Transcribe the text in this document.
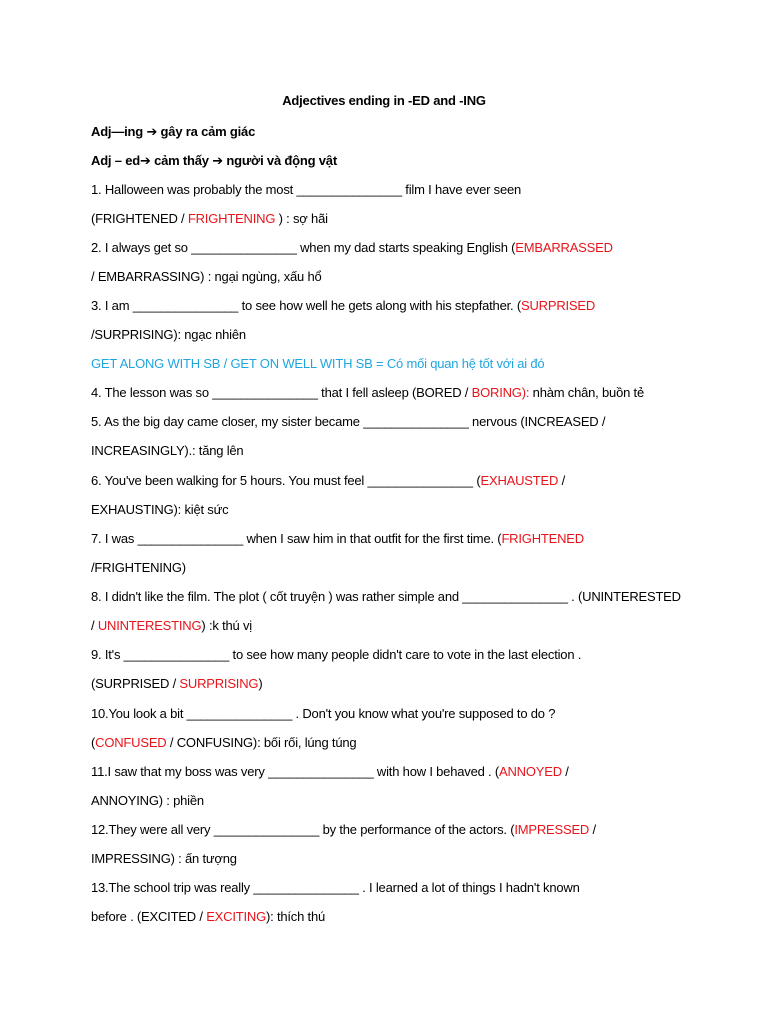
Adjectives ending in -ED and -ING
Adj—ing ➔ gây ra cảm giác
Adj – ed➔ cảm thấy ➔ người và động vật
1. Halloween was probably the most _______________ film I have ever seen
(FRIGHTENED / FRIGHTENING ) : sợ hãi
2. I always get so _______________ when my dad starts speaking English (EMBARRASSED
/ EMBARRASSING) : ngại ngùng, xấu hổ
3. I am _______________ to see how well he gets along with his stepfather. (SURPRISED
/SURPRISING): ngạc nhiên
GET ALONG WITH SB / GET ON WELL WITH SB = Có mối quan hệ tốt với ai đó
4. The lesson was so _______________ that I fell asleep (BORED / BORING): nhàm chân, buồn tẻ
5. As the big day came closer, my sister became _______________ nervous (INCREASED /
INCREASINGLY).: tăng lên
6. You've been walking for 5 hours. You must feel _______________ (EXHAUSTED /
EXHAUSTING): kiệt sức
7. I was _______________ when I saw him in that outfit for the first time. (FRIGHTENED
/FRIGHTENING)
8. I didn't like the film. The plot ( cốt truyện ) was rather simple and _______________ . (UNINTERESTED
/ UNINTERESTING) :k thú vị
9. It's _______________ to see how many people didn't care to vote in the last election .
(SURPRISED / SURPRISING)
10.You look a bit _______________ . Don't you know what you're supposed to do ?
(CONFUSED / CONFUSING): bối rối, lúng túng
11.I saw that my boss was very _______________ with how I behaved . (ANNOYED /
ANNOYING) : phiền
12.They were all very _______________ by the performance of the actors. (IMPRESSED /
IMPRESSING) : ấn tượng
13.The school trip was really _______________ . I learned a lot of things I hadn't known
before . (EXCITED / EXCITING): thích thú
